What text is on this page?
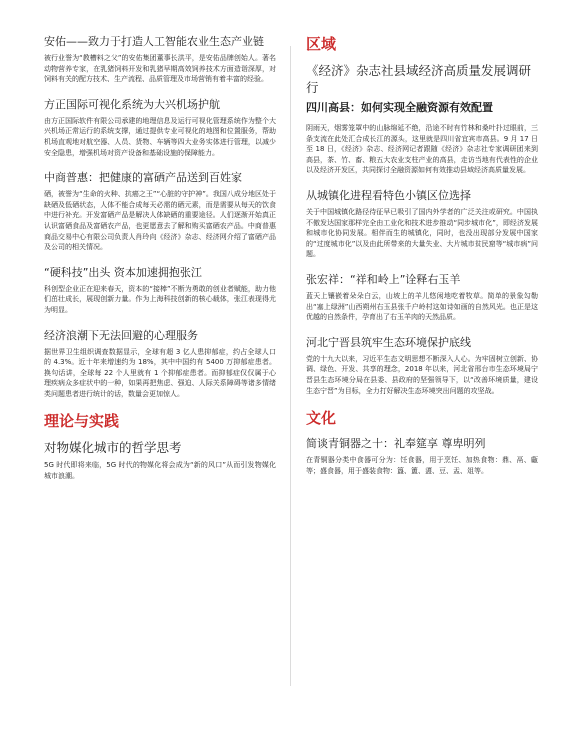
安佑——致力于打造人工智能农业生态产业链

被行业誉为“教槽料之父”的安佑集团董事长洪平，是安佑品牌创始人。著名动物营养专家，在乳猪饲料开发和乳猪早期高效饲养技术方面造诣深厚，对饲料有关的配方技术、生产流程、品质管理及市场营销有着丰富的经验。

方正国际可视化系统为大兴机场护航

由方正国际软件有限公司承建的地理信息及运行可视化管理系统作为整个大兴机场正常运行的系统支撑，通过提供专业可视化的地图和位置服务，帮助机场直观地对航空器、人员、货物、车辆等四大业务实体进行管理，以减少安全隐患，增强机场对资产设备和基础设施的保障能力。

中商普惠：把健康的富硒产品送到百姓家

硒，被誉为“生命的火种、抗癌之王”“心脏的守护神”。我国八成分地区处于缺硒及低硒状态，人体不能合成每天必需的硒元素，而是需要从每天的饮食中进行补充。开发富硒产品是解决人体缺硒的重要途径。人们逐渐开始真正认识富硒食品及富硒农产品，也更愿意去了解和购买富硒农产品。中商普惠商品交易中心有限公司负责人肖玲向《经济》杂志、经济网介绍了富硒产品及公司的相关情况。

“硬科技”出头 资本加速拥抱张江

科创型企业正在迎来春天，资本的“接棒”不断为勇敢的创业者赋能，助力他们茁壮成长，展现创新力量。作为上海科技创新的核心载体，张江表现得尤为明显。

经济浪潮下无法回避的心理服务

据世界卫生组织调查数据显示，全球有超 3 亿人患抑郁症，约占全球人口的 4.3%。近十年来增速约为 18%，其中中国约有 5400 万抑郁症患者。换句话讲，全球每 22 个人里就有 1 个抑郁症患者。而抑郁症仅仅属于心理疾病众多症状中的一种，如果再把焦虑、强迫、人际关系障碍等诸多情绪类问题患者进行统计的话，数量会更加惊人。

理论与实践
对物媒化城市的哲学思考

5G 时代即将来临，5G 时代的物媒化将会成为“新的风口”从而引发物媒化城市浪潮。

区域
《经济》杂志社县域经济高质量发展调研行
四川高县：如何实现全融资源有效配置

阴雨天，烟雾笼罩中的山脉绵延不绝，沿途不时有竹林和桑叶扑过眼前，三条支流在此处汇合成长江的源头，这里就是四川省宜宾市高县。9 月 17 日至 18 日，《经济》杂志、经济网记者跟随《经济》杂志社专家调研团来到高县，茶、竹、畜、粮五大农业支柱产业的高县，走访当地有代表性的企业以及经济开发区，共同探讨全融资源如何有效推动县域经济高质量发展。

从城镇化进程看特色小镇区位选择

关于中国城镇化路径待征早已吸引了国内外学者的广泛关注或研究。中国执不傲发达国家那样完全由工业化和技术进步推动“同步城市化”，即经济发展和城市化协同发展。相伴而生的城镇化，同时，也没出现部分发展中国家的“过度城市化”以及由此所带来的大量失业、大片城市贫民窟等“城市病”问题。

张宏祥：“祥和岭上”诠释右玉羊

蓝天上镶嵌着朵朵白云，山坡上的羊儿悠闲地吃着牧草。简单的景象勾勒出“塞上绿洲”山西朔州右玉县张千户岭村这如诗如画的自然风光。也正是这优越的自然条件，孕育出了右玉羊肉的天然品质。

河北宁晋县筑牢生态环境保护底线

党的十九大以来，习近平生态文明思想不断深入人心。为牢固树立创新、协调、绿色、开发、共享的理念，2018 年以来，河北省邢台市生态环境局宁晋县生态环境分局在县委、县政府的坚强领导下，以“改善环境质量，建设生态宁晋”为目标，全力打好解决生态环境突出问题的攻坚战。

文化
简谈青铜器之十：礼奉筵享 尊卑明列

在青铜器分类中食器可分为：饪食器，用于烹饪、加热食物：鼎、鬲、甗等；盛食器，用于盛装食物：簋、簠、盨、豆、盂、俎等。
